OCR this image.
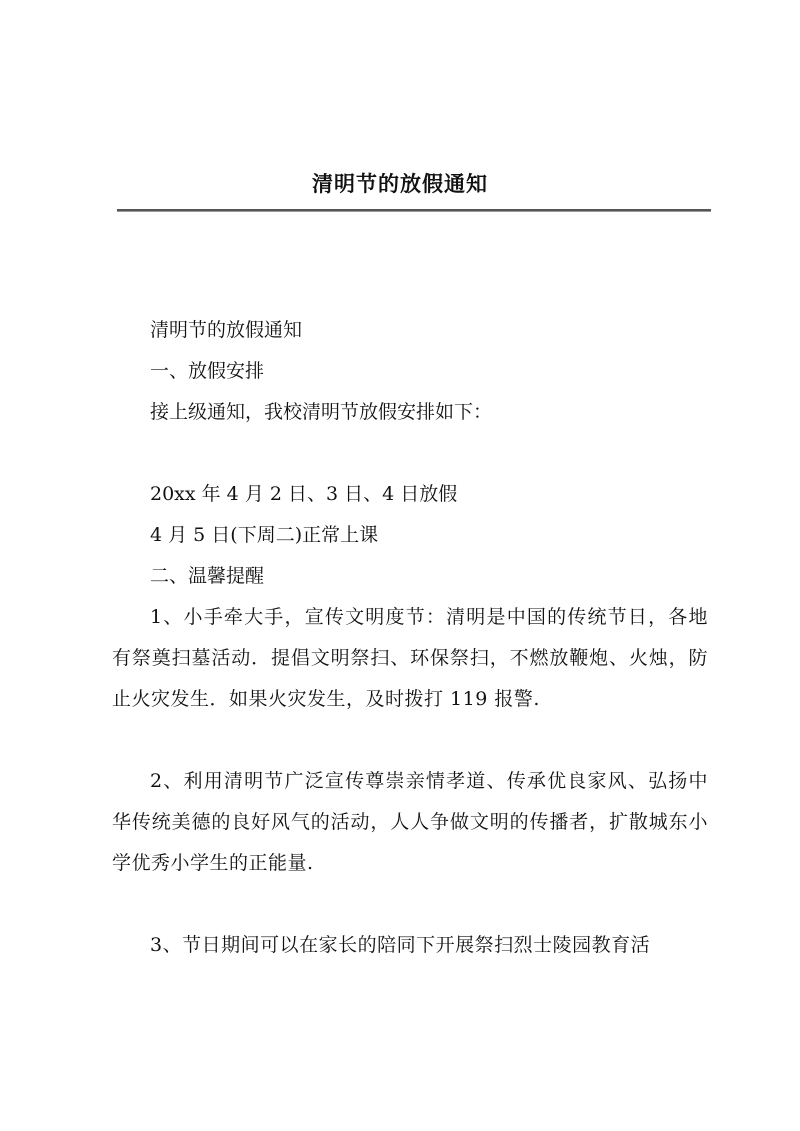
清明节的放假通知
清明节的放假通知
一、放假安排
接上级通知，我校清明节放假安排如下：
20xx 年 4 月 2 日、3 日、4 日放假
4 月 5 日(下周二)正常上课
二、温馨提醒
1、小手牵大手，宣传文明度节：清明是中国的传统节日，各地有祭奠扫墓活动．提倡文明祭扫、环保祭扫，不燃放鞭炮、火烛，防止火灾发生．如果火灾发生，及时拨打 119 报警.
2、利用清明节广泛宣传尊崇亲情孝道、传承优良家风、弘扬中华传统美德的良好风气的活动，人人争做文明的传播者，扩散城东小学优秀小学生的正能量.
3、节日期间可以在家长的陪同下开展祭扫烈士陵园教育活
